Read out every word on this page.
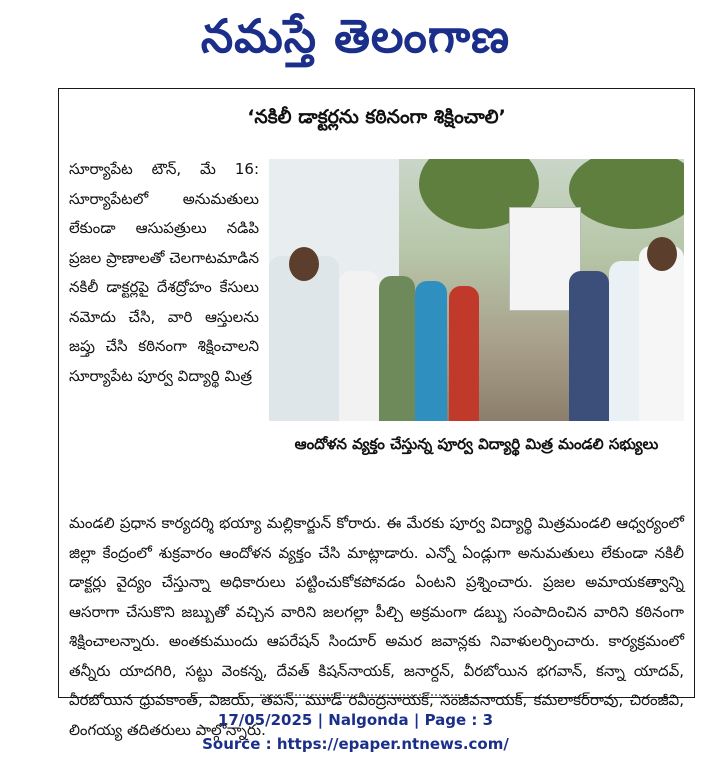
నమస్తే తెలంగాణ
‘నకిలీ డాక్టర్లను కఠినంగా శిక్షించాలి’
సూర్యాపేట టౌన్, మే 16: సూర్యాపేటలో అనుమతులు లేకుండా ఆసుపత్రులు నడిపి ప్రజల ప్రాణాలతో చెలగాటమాడిన నకిలీ డాక్టర్లపై దేశద్రోహం కేసులు నమోదు చేసి, వారి ఆస్తులను జప్తు చేసి కఠినంగా శిక్షించాలని సూర్యాపేట పూర్వ విద్యార్థి మిత్ర
ఆందోళన వ్యక్తం చేస్తున్న పూర్వ విద్యార్థి మిత్ర మండలి సభ్యులు
మండలి ప్రధాన కార్యదర్శి భయ్యా మల్లికార్జున్ కోరారు. ఈ మేరకు పూర్వ విద్యార్థి మిత్రమండలి ఆధ్వర్యంలో జిల్లా కేంద్రంలో శుక్రవారం ఆందోళన వ్యక్తం చేసి మాట్లాడారు. ఎన్నో ఏండ్లుగా అనుమతులు లేకుండా నకిలీ డాక్టర్లు వైద్యం చేస్తున్నా అధికారులు పట్టించుకోకపోవడం ఏంటని ప్రశ్నించారు. ప్రజల అమాయకత్వాన్ని ఆసరాగా చేసుకొని జబ్బుతో వచ్చిన వారిని జలగల్లా పీల్చి అక్రమంగా డబ్బు సంపాదించిన వారిని కఠినంగా శిక్షించాలన్నారు. అంతకుముందు ఆపరేషన్ సిందూర్ అమర జవాన్లకు నివాళులర్పించారు. కార్యక్రమంలో తన్నీరు యాదగిరి, సట్టు వెంకన్న, దేవత్ కిషన్‌నాయక్, జనార్దన్, వీరబోయిన భగవాన్, కన్నా యాదవ్, వీరబోయిన ధ్రువకాంత్, విజయ్, తపన్, మూడ్ రవీంద్రనాయక్, సంజీవనాయక్, కమలాకర్‌రావు, చిరంజీవి, లింగయ్య తదితరులు పాల్గొన్నారు.
17/05/2025 | Nalgonda | Page : 3
Source : https://epaper.ntnews.com/
